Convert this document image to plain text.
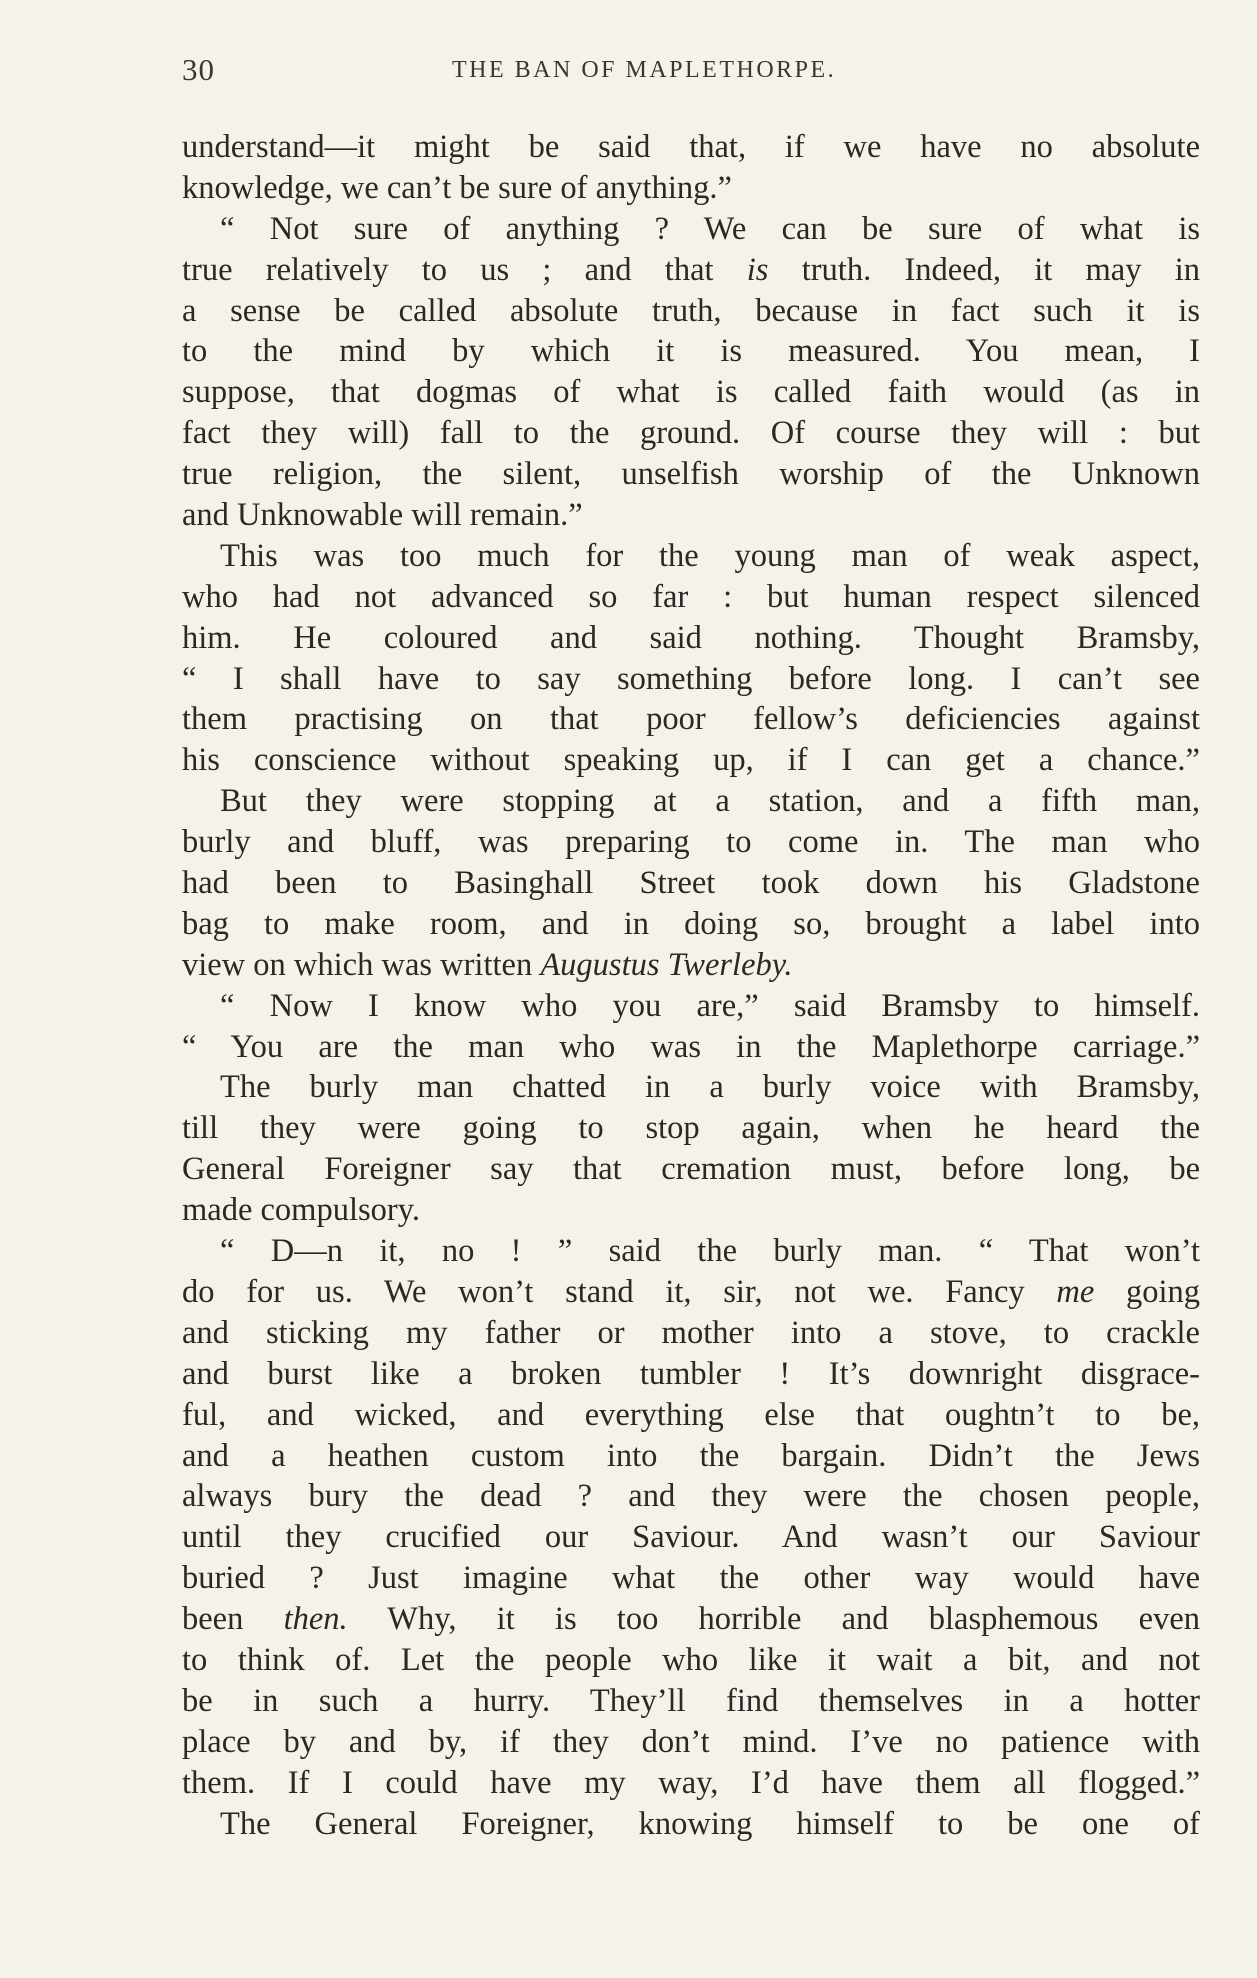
30	THE BAN OF MAPLETHORPE.
understand—it might be said that, if we have no absolute
knowledge, we can’t be sure of anything.”
“ Not sure of anything ? We can be sure of what is
true relatively to us ; and that is truth. Indeed, it may in
a sense be called absolute truth, because in fact such it is
to the mind by which it is measured. You mean, I
suppose, that dogmas of what is called faith would (as in
fact they will) fall to the ground. Of course they will : but
true religion, the silent, unselfish worship of the Unknown
and Unknowable will remain.”
This was too much for the young man of weak aspect,
who had not advanced so far : but human respect silenced
him. He coloured and said nothing. Thought Bramsby,
“ I shall have to say something before long. I can’t see
them practising on that poor fellow’s deficiencies against
his conscience without speaking up, if I can get a chance.”
But they were stopping at a station, and a fifth man,
burly and bluff, was preparing to come in. The man who
had been to Basinghall Street took down his Gladstone
bag to make room, and in doing so, brought a label into
view on which was written Augustus Twerleby.
“ Now I know who you are,” said Bramsby to himself.
“ You are the man who was in the Maplethorpe carriage.”
The burly man chatted in a burly voice with Bramsby,
till they were going to stop again, when he heard the
General Foreigner say that cremation must, before long, be
made compulsory.
“ D—n it, no ! ” said the burly man. “ That won’t
do for us. We won’t stand it, sir, not we. Fancy me going
and sticking my father or mother into a stove, to crackle
and burst like a broken tumbler ! It’s downright disgrace-
ful, and wicked, and everything else that oughtn’t to be,
and a heathen custom into the bargain. Didn’t the Jews
always bury the dead ? and they were the chosen people,
until they crucified our Saviour. And wasn’t our Saviour
buried ? Just imagine what the other way would have
been then. Why, it is too horrible and blasphemous even
to think of. Let the people who like it wait a bit, and not
be in such a hurry. They’ll find themselves in a hotter
place by and by, if they don’t mind. I’ve no patience with
them. If I could have my way, I’d have them all flogged.”
The General Foreigner, knowing himself to be one of
